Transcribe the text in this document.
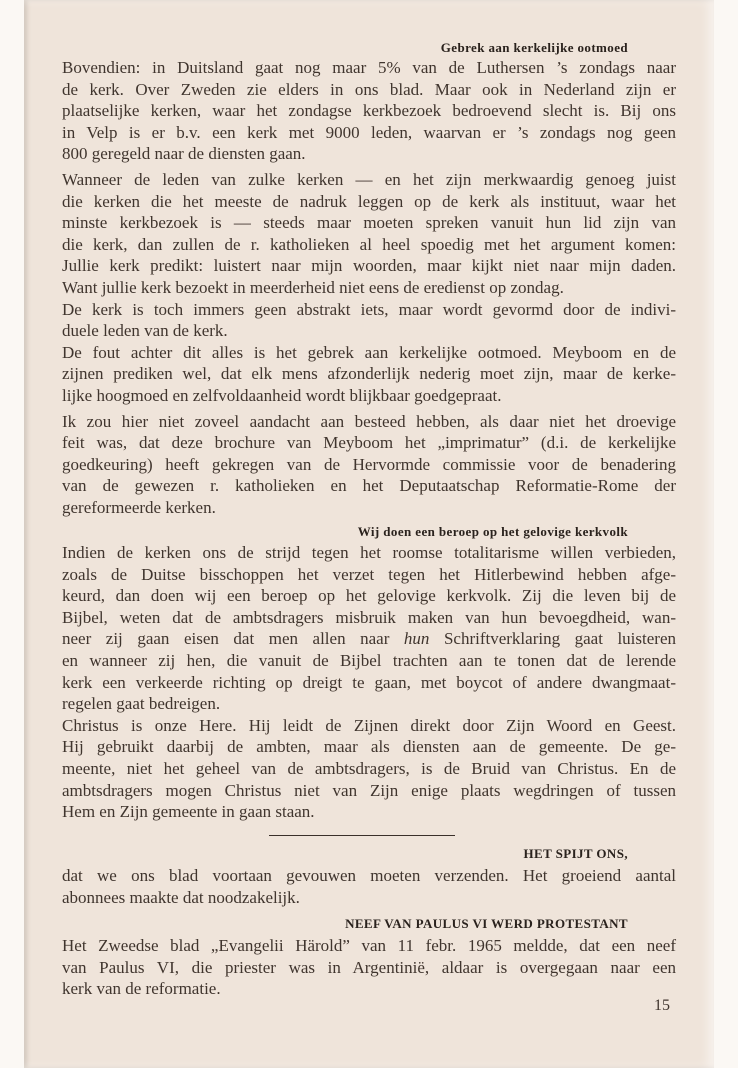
Gebrek aan kerkelijke ootmoed
Bovendien: in Duitsland gaat nog maar 5% van de Luthersen ’s zondags naar
de kerk. Over Zweden zie elders in ons blad. Maar ook in Nederland zijn er
plaatselijke kerken, waar het zondagse kerkbezoek bedroevend slecht is. Bij ons
in Velp is er b.v. een kerk met 9000 leden, waarvan er ’s zondags nog geen
800 geregeld naar de diensten gaan.
Wanneer de leden van zulke kerken — en het zijn merkwaardig genoeg juist
die kerken die het meeste de nadruk leggen op de kerk als instituut, waar het
minste kerkbezoek is — steeds maar moeten spreken vanuit hun lid zijn van
die kerk, dan zullen de r. katholieken al heel spoedig met het argument komen:
Jullie kerk predikt: luistert naar mijn woorden, maar kijkt niet naar mijn daden.
Want jullie kerk bezoekt in meerderheid niet eens de eredienst op zondag.
De kerk is toch immers geen abstrakt iets, maar wordt gevormd door de indivi-
duele leden van de kerk.
De fout achter dit alles is het gebrek aan kerkelijke ootmoed. Meyboom en de
zijnen prediken wel, dat elk mens afzonderlijk nederig moet zijn, maar de kerke-
lijke hoogmoed en zelfvoldaanheid wordt blijkbaar goedgepraat.
Ik zou hier niet zoveel aandacht aan besteed hebben, als daar niet het droevige
feit was, dat deze brochure van Meyboom het „imprimatur” (d.i. de kerkelijke
goedkeuring) heeft gekregen van de Hervormde commissie voor de benadering
van de gewezen r. katholieken en het Deputaatschap Reformatie-Rome der
gereformeerde kerken.
Wij doen een beroep op het gelovige kerkvolk
Indien de kerken ons de strijd tegen het roomse totalitarisme willen verbieden,
zoals de Duitse bisschoppen het verzet tegen het Hitlerbewind hebben afge-
keurd, dan doen wij een beroep op het gelovige kerkvolk. Zij die leven bij de
Bijbel, weten dat de ambtsdragers misbruik maken van hun bevoegdheid, wan-
neer zij gaan eisen dat men allen naar hun Schriftverklaring gaat luisteren
en wanneer zij hen, die vanuit de Bijbel trachten aan te tonen dat de lerende
kerk een verkeerde richting op dreigt te gaan, met boycot of andere dwangmaat-
regelen gaat bedreigen.
Christus is onze Here. Hij leidt de Zijnen direkt door Zijn Woord en Geest.
Hij gebruikt daarbij de ambten, maar als diensten aan de gemeente. De ge-
meente, niet het geheel van de ambtsdragers, is de Bruid van Christus. En de
ambtsdragers mogen Christus niet van Zijn enige plaats wegdringen of tussen
Hem en Zijn gemeente in gaan staan.
HET SPIJT ONS,
dat we ons blad voortaan gevouwen moeten verzenden. Het groeiend aantal
abonnees maakte dat noodzakelijk.
NEEF VAN PAULUS VI WERD PROTESTANT
Het Zweedse blad „Evangelii Härold” van 11 febr. 1965 meldde, dat een neef
van Paulus VI, die priester was in Argentinië, aldaar is overgegaan naar een
kerk van de reformatie.
15
